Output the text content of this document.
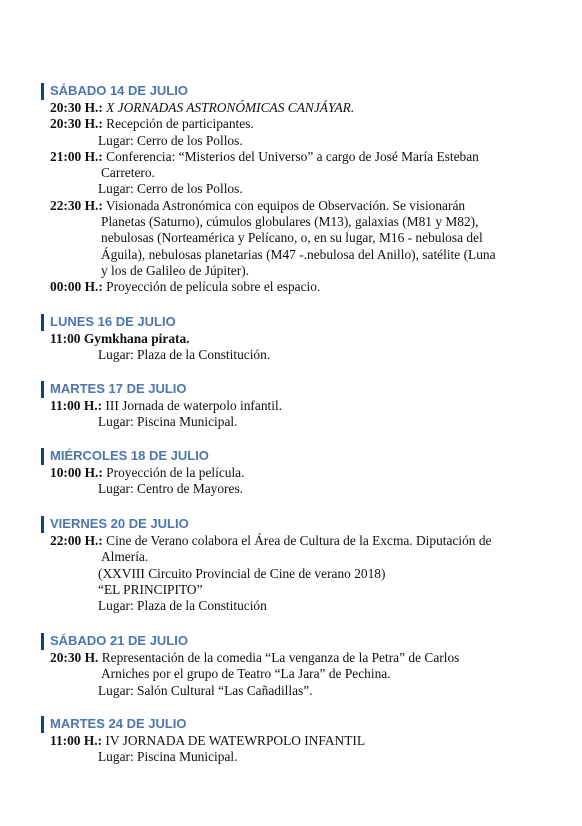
SÁBADO 14 DE JULIO
20:30 H.: X JORNADAS ASTRONÓMICAS CANJÁYAR.
20:30 H.: Recepción de participantes.
Lugar: Cerro de los Pollos.
21:00 H.: Conferencia: “Misterios del Universo” a cargo de José María Esteban
Carretero.
Lugar: Cerro de los Pollos.
22:30 H.: Visionada Astronómica con equipos de Observación. Se visionarán
Planetas (Saturno), cúmulos globulares (M13), galaxias (M81 y M82),
nebulosas (Norteamérica y Pelícano, o, en su lugar, M16 - nebulosa del
Águila), nebulosas planetarias (M47 -.nebulosa del Anillo), satélite (Luna
y los de Galileo de Júpiter).
00:00 H.: Proyección de película sobre el espacio.
LUNES 16 DE JULIO
11:00 Gymkhana pirata.
Lugar: Plaza de la Constitución.
MARTES 17 DE JULIO
11:00 H.: III Jornada de waterpolo infantil.
Lugar: Piscina Municipal.
MIÉRCOLES 18 DE JULIO
10:00 H.: Proyección de la película.
Lugar: Centro de Mayores.
VIERNES 20 DE JULIO
22:00 H.: Cine de Verano colabora el Área de Cultura de la Excma. Diputación de
Almería.
(XXVIII Circuito Provincial de Cine de verano 2018)
“EL PRINCIPITO”
Lugar: Plaza de la Constitución
SÁBADO 21 DE JULIO
20:30 H. Representación de la comedia “La venganza de la Petra” de Carlos
Arniches por el grupo de Teatro “La Jara” de Pechina.
Lugar: Salón Cultural “Las Cañadillas”.
MARTES 24 DE JULIO
11:00 H.: IV JORNADA DE WATEWRPOLO INFANTIL
Lugar: Piscina Municipal.
